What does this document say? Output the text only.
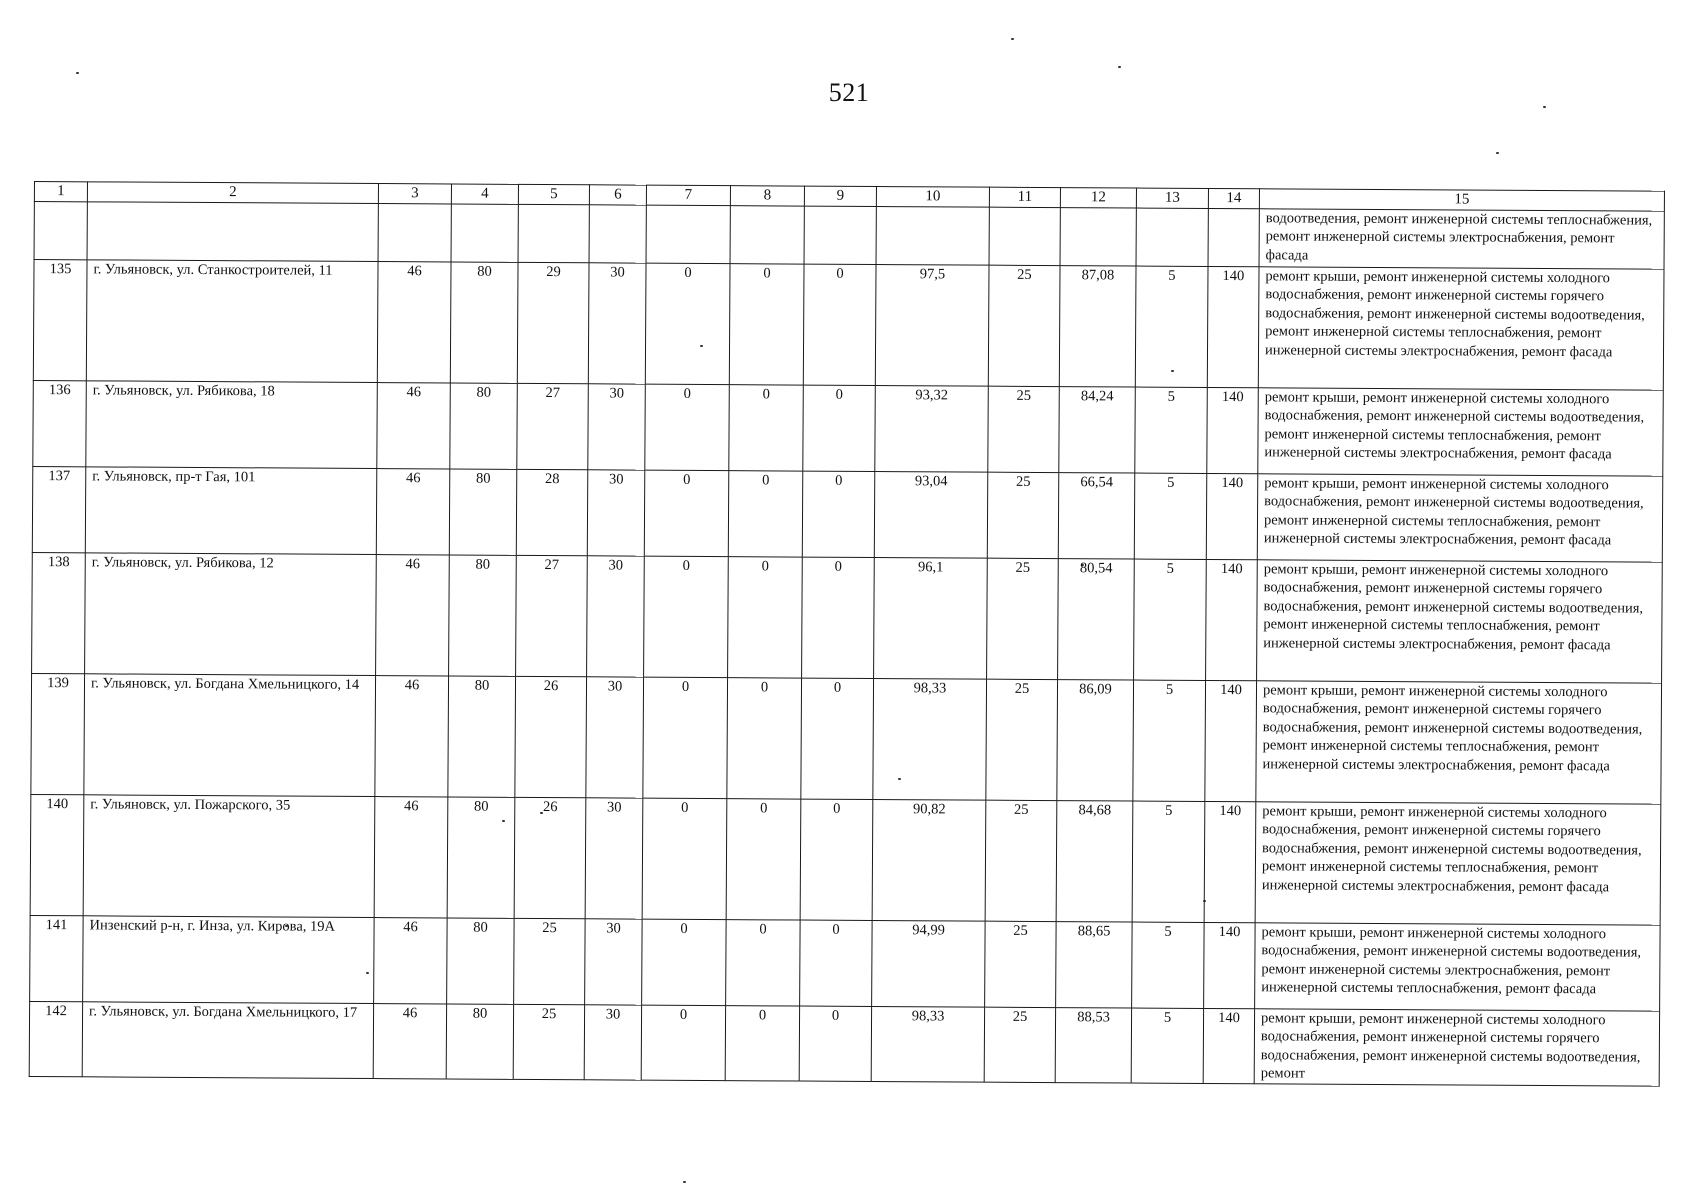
521
1	2	3	4	5	6	7	8	9	10	11	12	13	14	15
														водоотведения, ремонт инженерной системы теплоснабжения, ремонт инженерной системы электроснабжения, ремонт фасада
135	г. Ульяновск, ул. Станкостроителей, 11	46	80	29	30	0	0	0	97,5	25	87,08	5	140	ремонт крыши, ремонт инженерной системы холодного водоснабжения, ремонт инженерной системы горячего водоснабжения, ремонт инженерной системы водоотведения, ремонт инженерной системы теплоснабжения, ремонт инженерной системы электроснабжения, ремонт фасада
136	г. Ульяновск, ул. Рябикова, 18	46	80	27	30	0	0	0	93,32	25	84,24	5	140	ремонт крыши, ремонт инженерной системы холодного водоснабжения, ремонт инженерной системы водоотведения, ремонт инженерной системы теплоснабжения, ремонт инженерной системы электроснабжения, ремонт фасада
137	г. Ульяновск, пр-т Гая, 101	46	80	28	30	0	0	0	93,04	25	66,54	5	140	ремонт крыши, ремонт инженерной системы холодного водоснабжения, ремонт инженерной системы водоотведения, ремонт инженерной системы теплоснабжения, ремонт инженерной системы электроснабжения, ремонт фасада
138	г. Ульяновск, ул. Рябикова, 12	46	80	27	30	0	0	0	96,1	25	80,54	5	140	ремонт крыши, ремонт инженерной системы холодного водоснабжения, ремонт инженерной системы горячего водоснабжения, ремонт инженерной системы водоотведения, ремонт инженерной системы теплоснабжения, ремонт инженерной системы электроснабжения, ремонт фасада
139	г. Ульяновск, ул. Богдана Хмельницкого, 14	46	80	26	30	0	0	0	98,33	25	86,09	5	140	ремонт крыши, ремонт инженерной системы холодного водоснабжения, ремонт инженерной системы горячего водоснабжения, ремонт инженерной системы водоотведения, ремонт инженерной системы теплоснабжения, ремонт инженерной системы электроснабжения, ремонт фасада
140	г. Ульяновск, ул. Пожарского, 35	46	80	26	30	0	0	0	90,82	25	84,68	5	140	ремонт крыши, ремонт инженерной системы холодного водоснабжения, ремонт инженерной системы горячего водоснабжения, ремонт инженерной системы водоотведения, ремонт инженерной системы теплоснабжения, ремонт инженерной системы электроснабжения, ремонт фасада
141	Инзенский р-н, г. Инза, ул. Кирова, 19А	46	80	25	30	0	0	0	94,99	25	88,65	5	140	ремонт крыши, ремонт инженерной системы холодного водоснабжения, ремонт инженерной системы водоотведения, ремонт инженерной системы электроснабжения, ремонт инженерной системы теплоснабжения, ремонт фасада
142	г. Ульяновск, ул. Богдана Хмельницкого, 17	46	80	25	30	0	0	0	98,33	25	88,53	5	140	ремонт крыши, ремонт инженерной системы холодного водоснабжения, ремонт инженерной системы горячего водоснабжения, ремонт инженерной системы водоотведения, ремонт
